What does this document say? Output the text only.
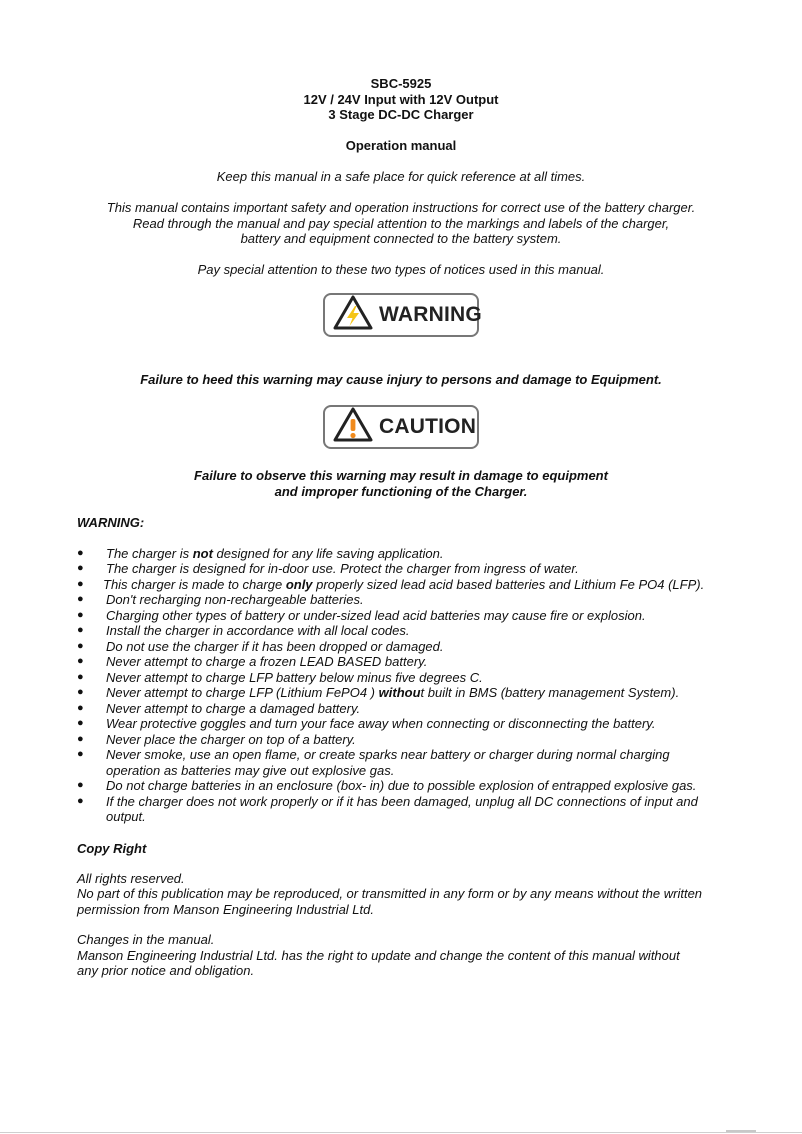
SBC-5925
12V / 24V Input with 12V Output
3 Stage DC-DC Charger
Operation manual
Keep this manual in a safe place for quick reference at all times.
This manual contains important safety and operation instructions for correct use of the battery charger.
Read through the manual and pay special attention to the markings and labels of the charger,
battery and equipment connected to the battery system.
Pay special attention to these two types of notices used in this manual.
WARNING
Failure to heed this warning may cause injury to persons and damage to Equipment.
CAUTION
Failure to observe this warning may result in damage to equipment
and improper functioning of the Charger.
WARNING:
● The charger is not designed for any life saving application.
● The charger is designed for in-door use. Protect the charger from ingress of water.
● This charger is made to charge only properly sized lead acid based batteries and Lithium Fe PO4 (LFP).
● Don't recharging non-rechargeable batteries.
● Charging other types of battery or under-sized lead acid batteries may cause fire or explosion.
● Install the charger in accordance with all local codes.
● Do not use the charger if it has been dropped or damaged.
● Never attempt to charge a frozen LEAD BASED battery.
● Never attempt to charge LFP battery below minus five degrees C.
● Never attempt to charge LFP (Lithium FePO4 ) without built in BMS (battery management System).
● Never attempt to charge a damaged battery.
● Wear protective goggles and turn your face away when connecting or disconnecting the battery.
● Never place the charger on top of a battery.
● Never smoke, use an open flame, or create sparks near battery or charger during normal charging operation as batteries may give out explosive gas.
● Do not charge batteries in an enclosure (box- in) due to possible explosion of entrapped explosive gas.
● If the charger does not work properly or if it has been damaged, unplug all DC connections of input and output.
Copy Right
All rights reserved.
No part of this publication may be reproduced, or transmitted in any form or by any means without the written
permission from Manson Engineering Industrial Ltd.
Changes in the manual.
Manson Engineering Industrial Ltd. has the right to update and change the content of this manual without
any prior notice and obligation.
